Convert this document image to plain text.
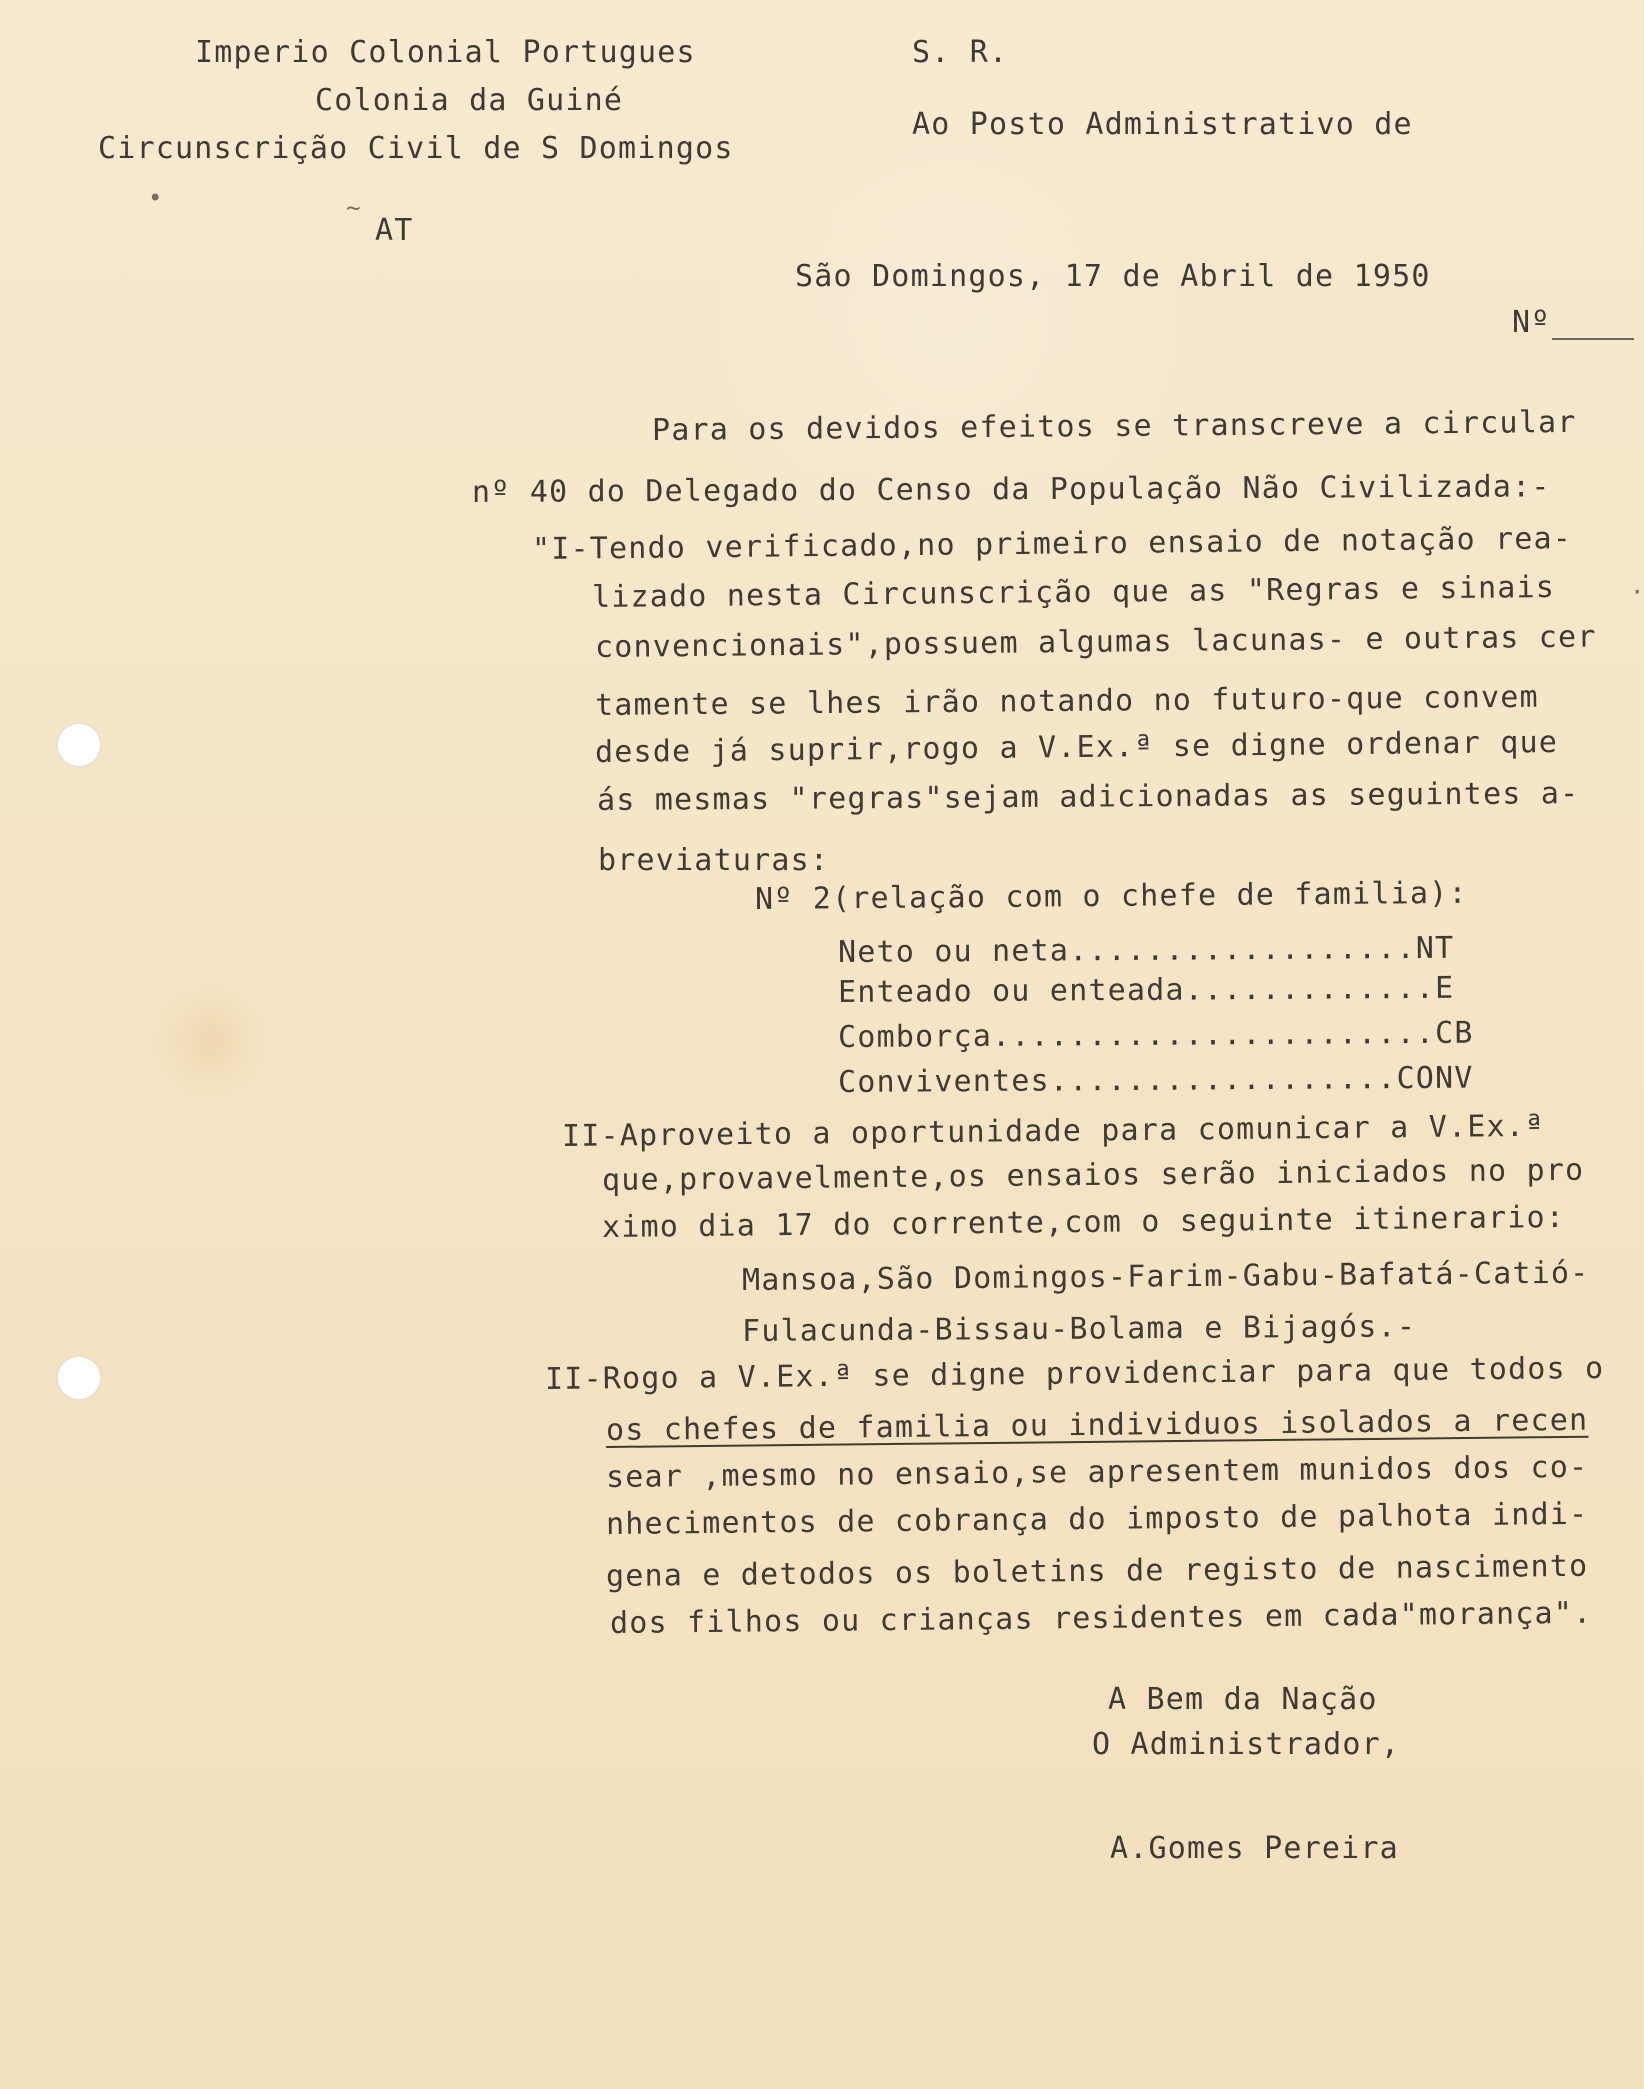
•	~
·
Imperio Colonial Portugues
Colonia da Guiné
Circunscrição Civil de S Domingos
S. R.
Ao Posto Administrativo de
AT
São Domingos, 17 de Abril de 1950
Nº
Para os devidos efeitos se transcreve a circular
nº 40 do Delegado do Censo da População Não Civilizada:-
"I-Tendo verificado,no primeiro ensaio de notação rea-
lizado nesta Circunscrição que as "Regras e sinais
convencionais",possuem algumas lacunas- e outras cer
tamente se lhes irão notando no futuro-que convem
desde já suprir,rogo a V.Ex.ª se digne ordenar que
ás mesmas "regras"sejam adicionadas as seguintes a-
breviaturas:
Nº 2(relação com o chefe de familia):
Neto ou neta..................NT
Enteado ou enteada.............E
Comborça.......................CB
Conviventes..................CONV
II-Aproveito a oportunidade para comunicar a V.Ex.ª
que,provavelmente,os ensaios serão iniciados no pro
ximo dia 17 do corrente,com o seguinte itinerario:
Mansoa,São Domingos-Farim-Gabu-Bafatá-Catió-
Fulacunda-Bissau-Bolama e Bijagós.-
II-Rogo a V.Ex.ª se digne providenciar para que todos o
os chefes de familia ou individuos isolados a recen
sear ,mesmo no ensaio,se apresentem munidos dos co-
nhecimentos de cobrança do imposto de palhota indi-
gena e detodos os boletins de registo de nascimento
dos filhos ou crianças residentes em cada"morança".
A Bem da Nação
O Administrador,
A.Gomes Pereira
